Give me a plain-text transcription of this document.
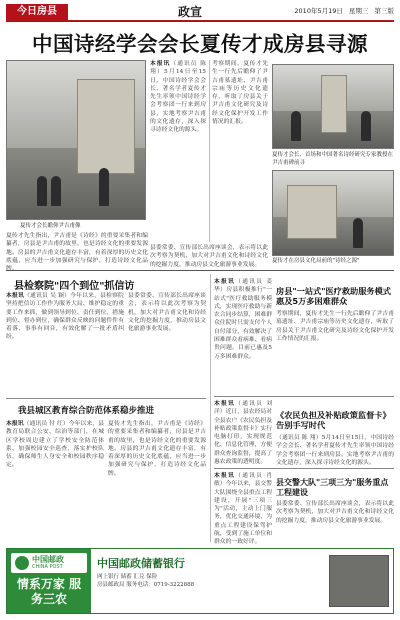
今日房县	政宣	2010年5月19日 星期三 第三版
中国诗经学会会长夏传才成房县寻源
夏传才会长瞻仰尹吉甫像
本报讯（通讯员 陈 翔）5月14日至15日，中国诗经学会会长、著名学者夏传才先生率领中国诗经学会考察团一行来到房县，实地考察尹吉甫的文化遗存，深入探寻诗经文化的源头。
考察期间，夏传才先生一行先后瞻仰了尹吉甫墓遗址、尹吉甫宗庙等历史文化遗存，听取了房县关于尹吉甫文化研究及诗经文化保护开发工作情况的汇报。
夏传才先生指出，尹吉甫是《诗经》的重要采集者和编纂者，房县是尹吉甫的故里，也是诗经文化的重要发源地。房县的尹吉甫文化遗存丰富，有着深厚的历史文化底蕴，应当进一步加强研究与保护，打造诗经文化品牌。
县委常委、宣传部长出席座谈会，表示将以此次考察为契机，加大对尹吉甫文化和诗经文化的挖掘力度，推动房县文化旅游事业发展。
夏传才会长、首场和中国著名诗经研究专家教授在尹吉甫碑前寻
夏传才在房县文化局前的"诗经之源"
县检察院"四个到位"抓信访
本报讯（通讯员 吴 颖）今年以来，县检察院坚持把信访工作作为服务大局、维护稳定的重要工作来抓，做到领导到位、责任到位、措施到位、督办到位，确保群众反映的问题件件有着落、事事有回音，有效化解了一批矛盾纠纷。
县委常委、宣传部长出席座谈会，表示将以此次考察为契机，加大对尹吉甫文化和诗经文化的挖掘力度，推动房县文化旅游事业发展。
我县城区教育综合防范体系稳步推进
本报讯（通讯员 付 红）今年以来，县教育局联合公安、综治等部门，在城区学校周边建立了学校安全防范体系，加强校园安全巡查，落实护校队伍，确保师生人身安全和校园秩序稳定。
夏传才先生指出，尹吉甫是《诗经》的重要采集者和编纂者，房县是尹吉甫的故里，也是诗经文化的重要发源地。房县的尹吉甫文化遗存丰富，有着深厚的历史文化底蕴，应当进一步加强研究与保护，打造诗经文化品牌。
本报讯（通讯员 姜 华）房县积极推行"一站式"医疗救助服务模式，实现医疗救助与新农合同步结算，困难群众住院时只需支付个人自付部分，有效解决了困难群众看病难、看病贵问题，目前已惠及5万多困难群众。
房县"一站式"医疗救助服务模式惠及5万多困难群众
考察期间，夏传才先生一行先后瞻仰了尹吉甫墓遗址、尹吉甫宗庙等历史文化遗存，听取了房县关于尹吉甫文化研究及诗经文化保护开发工作情况的汇报。
本报讯（通讯员 刘 洋）近日，县农经局对全县农户《农民负担及补贴政策监督卡》实行电脑打印，实现规范化、信息化管理，方便群众查询监督，提高了惠农政策的透明度。
《农民负担及补贴政策监督卡》告别手写时代
（通讯员 陈 翔）5月14日至15日，中国诗经学会会长、著名学者夏传才先生率领中国诗经学会考察团一行来到房县，实地考察尹吉甫的文化遗存，深入探寻诗经文化的源头。
本报讯（通讯员 肖 敏）今年以来，县交警大队围绕全县重点工程建设，开展"三项三为"活动，主动上门服务，优化交通环境，为重点工程建设保驾护航，受到了施工单位和群众的一致好评。
县交警大队"三项三为"服务重点工程建设
县委常委、宣传部长出席座谈会，表示将以此次考察为契机，加大对尹吉甫文化和诗经文化的挖掘力度，推动房县文化旅游事业发展。
中国邮政
CHINA POST
情系万家 服务三农
中国邮政储蓄银行
网上银行 储蓄 汇兑 保险
房县邮政局 服务电话：0719-3222888
